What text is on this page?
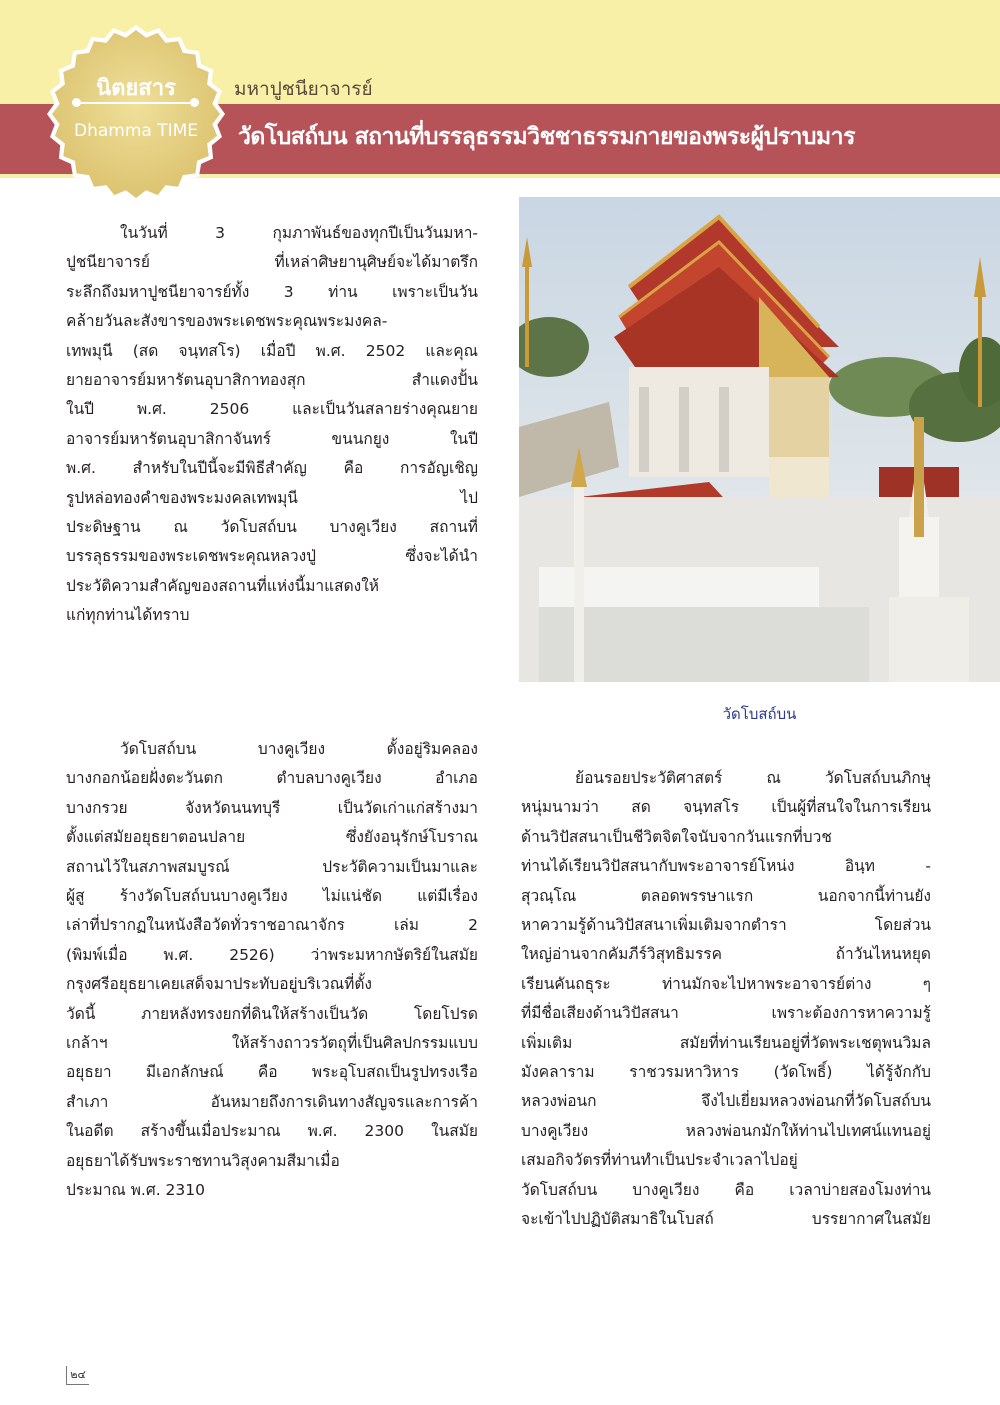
นิตยสาร
Dhamma TIME
มหาปูชนียาจารย์
วัดโบสถ์บน สถานที่บรรลุธรรมวิชชาธรรมกายของพระผู้ปราบมาร
ในวันที่ 3 กุมภาพันธ์ของทุกปีเป็นวันมหา-
ปูชนียาจารย์ ที่เหล่าศิษยานุศิษย์จะได้มาตรึก
ระลึกถึงมหาปูชนียาจารย์ทั้ง 3 ท่าน เพราะเป็นวัน
คล้ายวันละสังขารของพระเดชพระคุณพระมงคล-
เทพมุนี (สด จนฺทสโร) เมื่อปี พ.ศ. 2502 และคุณ
ยายอาจารย์มหารัตนอุบาสิกาทองสุก สำแดงปั้น
ในปี พ.ศ. 2506 และเป็นวันสลายร่างคุณยาย
อาจารย์มหารัตนอุบาสิกาจันทร์ ขนนกยูง ในปี
พ.ศ. สำหรับในปีนี้จะมีพิธีสำคัญ คือ การอัญเชิญ
รูปหล่อทองคำของพระมงคลเทพมุนี ไป
ประดิษฐาน ณ วัดโบสถ์บน บางคูเวียง สถานที่
บรรลุธรรมของพระเดชพระคุณหลวงปู่ ซึ่งจะได้นำ
ประวัติความสำคัญของสถานที่แห่งนี้มาแสดงให้
แก่ทุกท่านได้ทราบ
วัดโบสถ์บน บางคูเวียง ตั้งอยู่ริมคลอง
บางกอกน้อยฝั่งตะวันตก ตำบลบางคูเวียง อำเภอ
บางกรวย จังหวัดนนทบุรี เป็นวัดเก่าแก่สร้างมา
ตั้งแต่สมัยอยุธยาตอนปลาย ซึ่งยังอนุรักษ์โบราณ
สถานไว้ในสภาพสมบูรณ์ ประวัติความเป็นมาและ
ผู้สู ร้างวัดโบสถ์บนบางคูเวียง ไม่แน่ชัด แต่มีเรื่อง
เล่าที่ปรากฏในหนังสือวัดทั่วราชอาณาจักร เล่ม 2
(พิมพ์เมื่อ พ.ศ. 2526) ว่าพระมหากษัตริย์ในสมัย
กรุงศรีอยุธยาเคยเสด็จมาประทับอยู่บริเวณที่ตั้ง
วัดนี้ ภายหลังทรงยกที่ดินให้สร้างเป็นวัด โดยโปรด
เกล้าฯ ให้สร้างถาวรวัตถุที่เป็นศิลปกรรมแบบ
อยุธยา มีเอกลักษณ์ คือ พระอุโบสถเป็นรูปทรงเรือ
สำเภา อันหมายถึงการเดินทางสัญจรและการค้า
ในอดีต สร้างขึ้นเมื่อประมาณ พ.ศ. 2300 ในสมัย
อยุธยาได้รับพระราชทานวิสุงคามสีมาเมื่อ
ประมาณ พ.ศ. 2310
ย้อนรอยประวัติศาสตร์ ณ วัดโบสถ์บนภิกษุ
หนุ่มนามว่า สด จนฺทสโร เป็นผู้ที่สนใจในการเรียน
ด้านวิปัสสนาเป็นชีวิตจิตใจนับจากวันแรกที่บวช
ท่านได้เรียนวิปัสสนากับพระอาจารย์โหน่ง อินฺท -
สุวณฺโณ ตลอดพรรษาแรก นอกจากนี้ท่านยัง
หาความรู้ด้านวิปัสสนาเพิ่มเติมจากตำรา โดยส่วน
ใหญ่อ่านจากคัมภีร์วิสุทธิมรรค ถ้าวันไหนหยุด
เรียนคันถธุระ ท่านมักจะไปหาพระอาจารย์ต่าง ๆ
ที่มีชื่อเสียงด้านวิปัสสนา เพราะต้องการหาความรู้
เพิ่มเติม สมัยที่ท่านเรียนอยู่ที่วัดพระเชตุพนวิมล
มังคลาราม ราชวรมหาวิหาร (วัดโพธิ์) ได้รู้จักกับ
หลวงพ่อนก จึงไปเยี่ยมหลวงพ่อนกที่วัดโบสถ์บน
บางคูเวียง หลวงพ่อนกมักให้ท่านไปเทศน์แทนอยู่
เสมอกิจวัตรที่ท่านทำเป็นประจำเวลาไปอยู่
วัดโบสถ์บน บางคูเวียง คือ เวลาบ่ายสองโมงท่าน
จะเข้าไปปฏิบัติสมาธิในโบสถ์ บรรยากาศในสมัย
วัดโบสถ์บน
๒๔
